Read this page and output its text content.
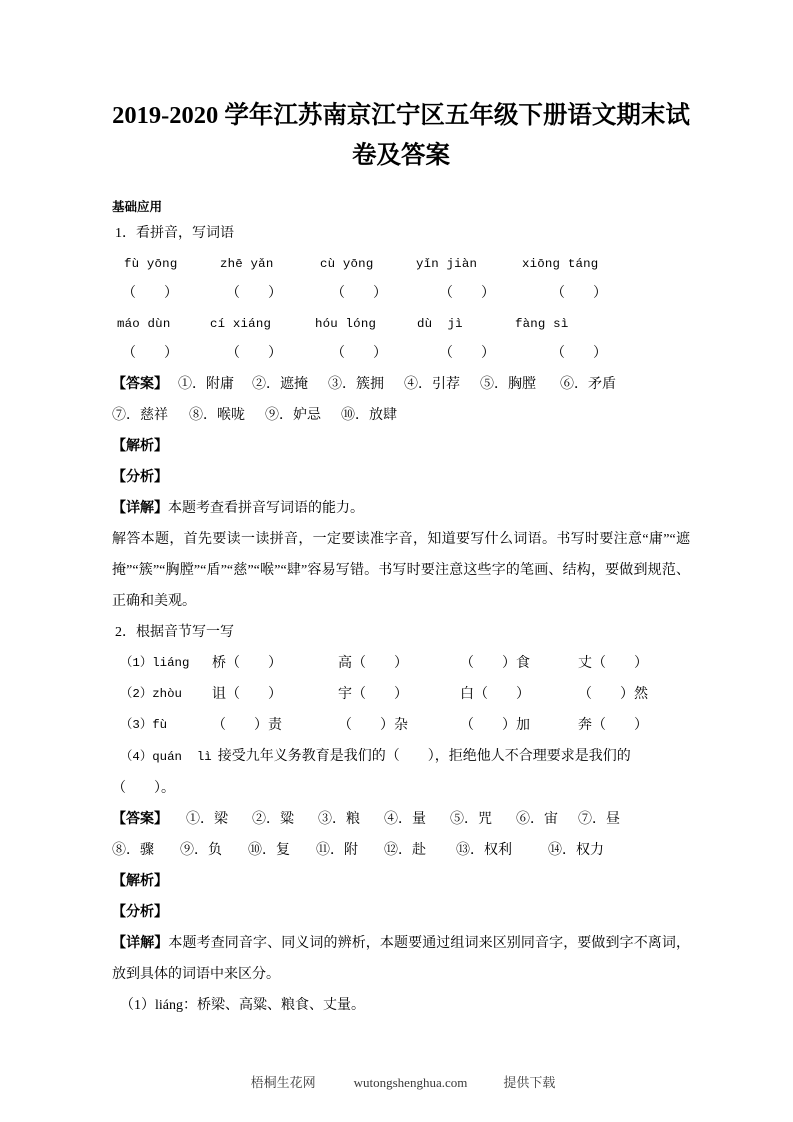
2019-2020 学年江苏南京江宁区五年级下册语文期末试卷及答案
基础应用
1．看拼音，写词语
fù yōng	zhē yǎn	cù yōng	yǐn jiàn	xiōng táng
（        ）	（        ）	（        ）	（        ）	（        ）
máo dùn	cí xiáng	hóu lóng	dù  jì	fàng sì
（        ）	（        ）	（        ）	（        ）	（        ）
【答案】 ①．附庸 ②．遮掩 ③．簇拥 ④．引荐 ⑤．胸膛 ⑥．矛盾
⑦．慈祥 ⑧．喉咙 ⑨．妒忌 ⑩．放肆
【解析】
【分析】
【详解】本题考查看拼音写词语的能力。
解答本题，首先要读一读拼音，一定要读准字音，知道要写什么词语。书写时要注意“庸”“遮掩”“簇”“胸膛”“盾”“慈”“喉”“肆”容易写错。书写时要注意这些字的笔画、结构，要做到规范、正确和美观。
2．根据音节写一写
（1）liáng	桥（        ）	高（        ）	（        ）食	丈（        ）
（2）zhòu	诅（        ）	宇（        ）	白（        ）	（        ）然
（3）fù	（        ）责	（        ）杂	（        ）加	奔（        ）
（4）quán  lì 接受九年义务教育是我们的（        ），拒绝他人不合理要求是我们的
（        ）。
【答案】 ①．梁 ②．粱 ③．粮 ④．量 ⑤．咒 ⑥．宙 ⑦．昼
⑧．骤 ⑨．负 ⑩．复 ⑪．附 ⑫．赴 ⑬．权利	⑭．权力
【解析】
【分析】
【详解】本题考查同音字、同义词的辨析，本题要通过组词来区别同音字，要做到字不离词，放到具体的词语中来区分。
（1）liáng：桥梁、高粱、粮食、丈量。

梧桐生花网	wutongshenghua.com	提供下载
